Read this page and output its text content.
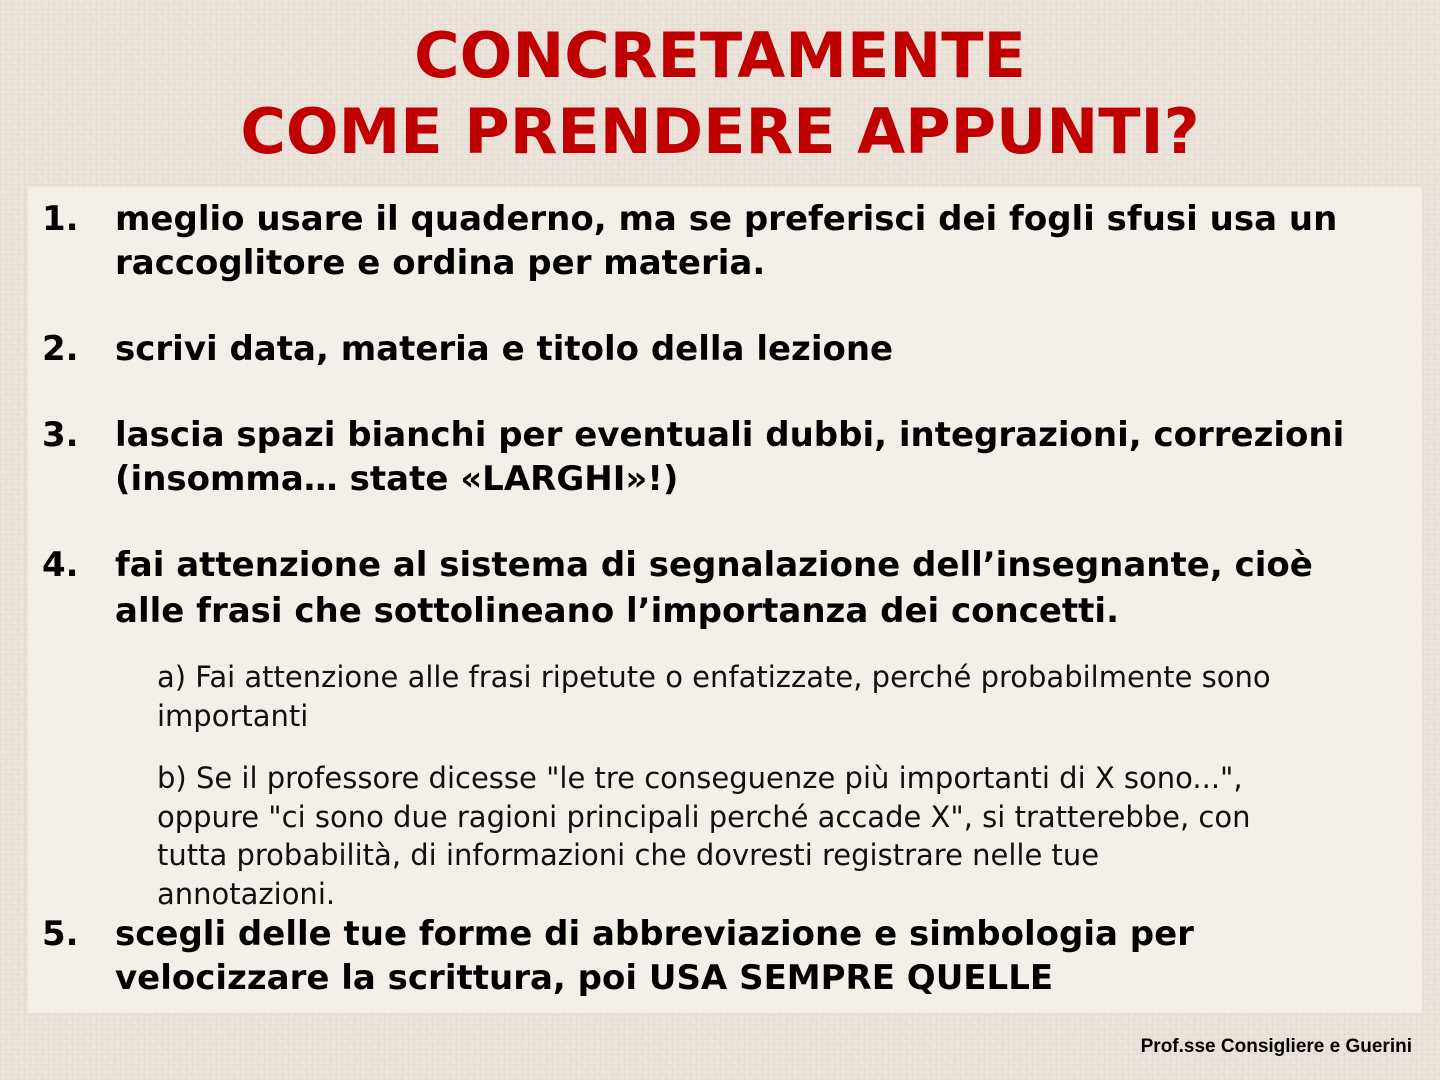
CONCRETAMENTE
COME PRENDERE APPUNTI?
1.	meglio usare il quaderno, ma se preferisci dei fogli sfusi usa un
raccoglitore e ordina per materia.
2.	scrivi data, materia e titolo della lezione
3.	lascia spazi bianchi per eventuali dubbi, integrazioni, correzioni
(insomma… state «LARGHI»!)
4.	fai attenzione al sistema di segnalazione dell’insegnante, cioè
alle frasi che sottolineano l’importanza dei concetti.
a) Fai attenzione alle frasi ripetute o enfatizzate, perché probabilmente sono
importanti
b) Se il professore dicesse "le tre conseguenze più importanti di X sono...",
oppure "ci sono due ragioni principali perché accade X", si tratterebbe, con
tutta probabilità, di informazioni che dovresti registrare nelle tue
annotazioni.
5.	scegli delle tue forme di abbreviazione e simbologia per
velocizzare la scrittura, poi USA SEMPRE QUELLE
Prof.sse Consigliere e Guerini
